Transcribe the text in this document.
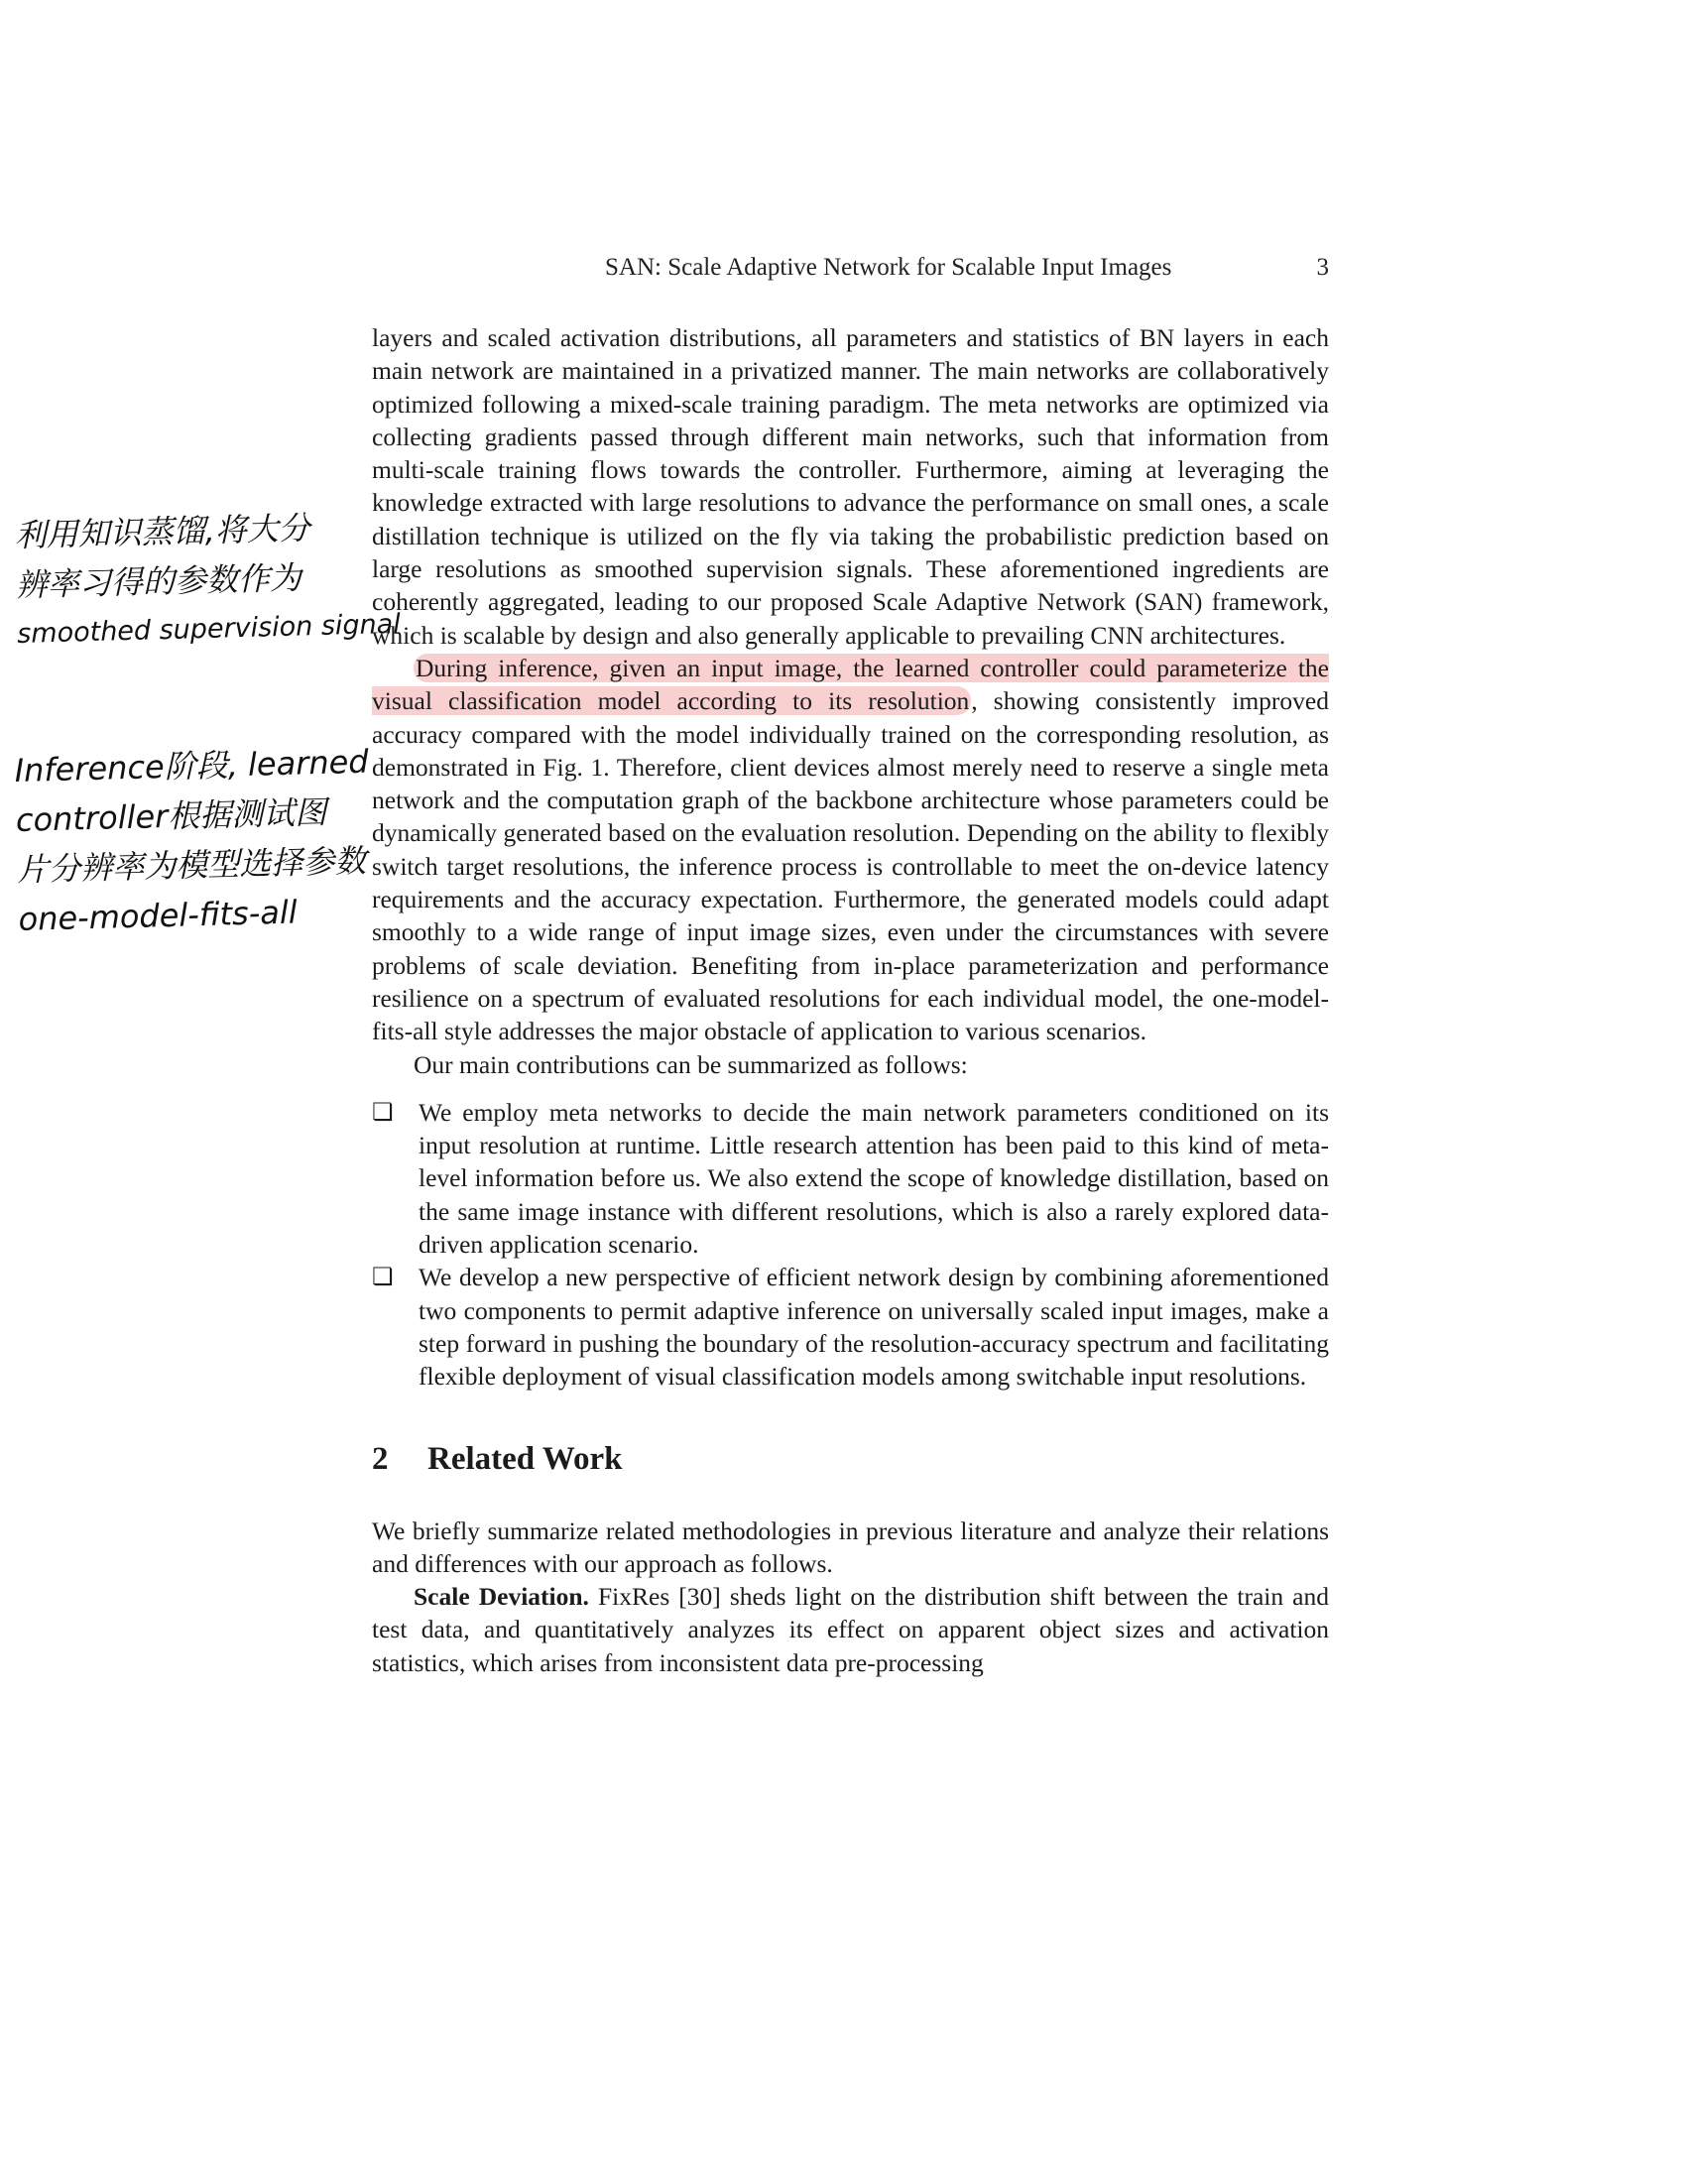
SAN: Scale Adaptive Network for Scalable Input Images	3
利用知识蒸馏,将大分
辨率习得的参数作为
smoothed supervision signal
Inference阶段, learned
controller根据测试图
片分辨率为模型选择参数
one-model-fits-all

layers and scaled activation distributions, all parameters and statistics of BN layers in each main network are maintained in a privatized manner. The main networks are collaboratively optimized following a mixed-scale training paradigm. The meta networks are optimized via collecting gradients passed through different main networks, such that information from multi-scale training flows towards the controller. Furthermore, aiming at leveraging the knowledge extracted with large resolutions to advance the performance on small ones, a scale distillation technique is utilized on the fly via taking the probabilistic prediction based on large resolutions as smoothed supervision signals. These aforementioned ingredients are coherently aggregated, leading to our proposed Scale Adaptive Network (SAN) framework, which is scalable by design and also generally applicable to prevailing CNN architectures.

During inference, given an input image, the learned controller could parameterize the visual classification model according to its resolution, showing consistently improved accuracy compared with the model individually trained on the corresponding resolution, as demonstrated in Fig. 1. Therefore, client devices almost merely need to reserve a single meta network and the computation graph of the backbone architecture whose parameters could be dynamically generated based on the evaluation resolution. Depending on the ability to flexibly switch target resolutions, the inference process is controllable to meet the on-device latency requirements and the accuracy expectation. Furthermore, the generated models could adapt smoothly to a wide range of input image sizes, even under the circumstances with severe problems of scale deviation. Benefiting from in-place parameterization and performance resilience on a spectrum of evaluated resolutions for each individual model, the one-model-fits-all style addresses the major obstacle of application to various scenarios.

Our main contributions can be summarized as follows:

❏ We employ meta networks to decide the main network parameters conditioned on its input resolution at runtime. Little research attention has been paid to this kind of meta-level information before us. We also extend the scope of knowledge distillation, based on the same image instance with different resolutions, which is also a rarely explored data-driven application scenario.
❏ We develop a new perspective of efficient network design by combining aforementioned two components to permit adaptive inference on universally scaled input images, make a step forward in pushing the boundary of the resolution-accuracy spectrum and facilitating flexible deployment of visual classification models among switchable input resolutions.
2 Related Work

We briefly summarize related methodologies in previous literature and analyze their relations and differences with our approach as follows.

Scale Deviation. FixRes [30] sheds light on the distribution shift between the train and test data, and quantitatively analyzes its effect on apparent object sizes and activation statistics, which arises from inconsistent data pre-processing
